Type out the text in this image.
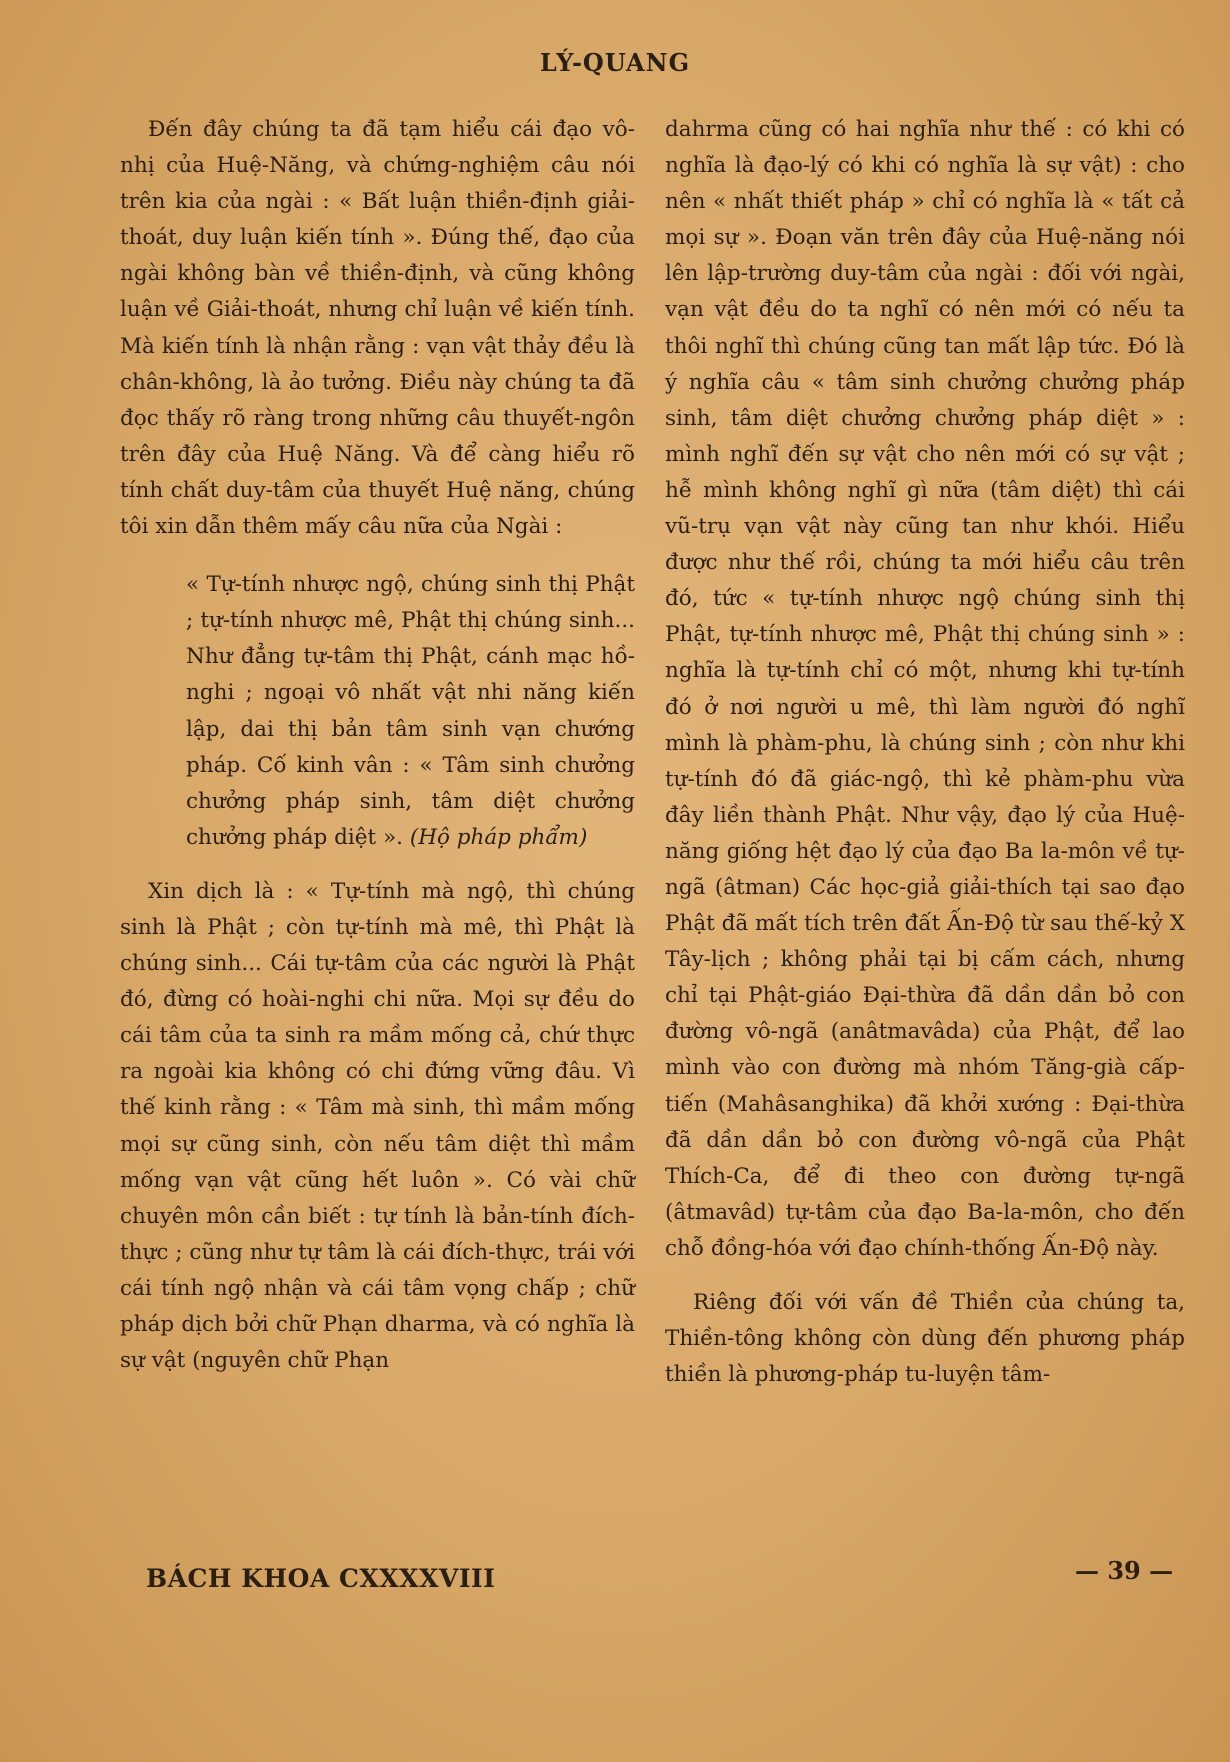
LÝ-QUANG

Đến đây chúng ta đã tạm hiểu cái đạo vô-nhị của Huệ-Năng, và chứng-nghiệm câu nói trên kia của ngài : « Bất luận thiền-định giải-thoát, duy luận kiến tính ». Đúng thế, đạo của ngài không bàn về thiền-định, và cũng không luận về Giải-thoát, nhưng chỉ luận về kiến tính. Mà kiến tính là nhận rằng : vạn vật thảy đều là chân-không, là ảo tưởng. Điều này chúng ta đã đọc thấy rõ ràng trong những câu thuyết-ngôn trên đây của Huệ Năng. Và để càng hiểu rõ tính chất duy-tâm của thuyết Huệ năng, chúng tôi xin dẫn thêm mấy câu nữa của Ngài :

« Tự-tính nhược ngộ, chúng sinh thị Phật ; tự-tính nhược mê, Phật thị chúng sinh... Như đẳng tự-tâm thị Phật, cánh mạc hồ-nghi ; ngoại vô nhất vật nhi năng kiến lập, dai thị bản tâm sinh vạn chướng pháp. Cố kinh vân : « Tâm sinh chưởng chưởng pháp sinh, tâm diệt chưởng chưởng pháp diệt ». (Hộ pháp phẩm)

Xin dịch là : « Tự-tính mà ngộ, thì chúng sinh là Phật ; còn tự-tính mà mê, thì Phật là chúng sinh... Cái tự-tâm của các người là Phật đó, đừng có hoài-nghi chi nữa. Mọi sự đều do cái tâm của ta sinh ra mầm mống cả, chứ thực ra ngoài kia không có chi đứng vững đâu. Vì thế kinh rằng : « Tâm mà sinh, thì mầm mống mọi sự cũng sinh, còn nếu tâm diệt thì mầm mống vạn vật cũng hết luôn ». Có vài chữ chuyên môn cần biết : tự tính là bản-tính đích-thực ; cũng như tự tâm là cái đích-thực, trái với cái tính ngộ nhận và cái tâm vọng chấp ; chữ pháp dịch bởi chữ Phạn dharma, và có nghĩa là sự vật (nguyên chữ Phạn

dahrma cũng có hai nghĩa như thế : có khi có nghĩa là đạo-lý có khi có nghĩa là sự vật) : cho nên « nhất thiết pháp » chỉ có nghĩa là « tất cả mọi sự ». Đoạn văn trên đây của Huệ-năng nói lên lập-trường duy-tâm của ngài : đối với ngài, vạn vật đều do ta nghĩ có nên mới có nếu ta thôi nghĩ thì chúng cũng tan mất lập tức. Đó là ý nghĩa câu « tâm sinh chưởng chưởng pháp sinh, tâm diệt chưởng chưởng pháp diệt » : mình nghĩ đến sự vật cho nên mới có sự vật ; hễ mình không nghĩ gì nữa (tâm diệt) thì cái vũ-trụ vạn vật này cũng tan như khói. Hiểu được như thế rồi, chúng ta mới hiểu câu trên đó, tức « tự-tính nhược ngộ chúng sinh thị Phật, tự-tính nhược mê, Phật thị chúng sinh » : nghĩa là tự-tính chỉ có một, nhưng khi tự-tính đó ở nơi người u mê, thì làm người đó nghĩ mình là phàm-phu, là chúng sinh ; còn như khi tự-tính đó đã giác-ngộ, thì kẻ phàm-phu vừa đây liền thành Phật. Như vậy, đạo lý của Huệ-năng giống hệt đạo lý của đạo Ba la-môn về tự-ngã (âtman) Các học-giả giải-thích tại sao đạo Phật đã mất tích trên đất Ấn-Độ từ sau thế-kỷ X Tây-lịch ; không phải tại bị cấm cách, nhưng chỉ tại Phật-giáo Đại-thừa đã dần dần bỏ con đường vô-ngã (anâtmavâda) của Phật, để lao mình vào con đường mà nhóm Tăng-già cấp-tiến (Mahâsanghika) đã khởi xướng : Đại-thừa đã dần dần bỏ con đường vô-ngã của Phật Thích-Ca, để đi theo con đường tự-ngã (âtmavâd) tự-tâm của đạo Ba-la-môn, cho đến chỗ đồng-hóa với đạo chính-thống Ấn-Độ này.

Riêng đối với vấn đề Thiền của chúng ta, Thiền-tông không còn dùng đến phương pháp thiền là phương-pháp tu-luyện tâm-

BÁCH KHOA CXXXXVIII	— 39 —
